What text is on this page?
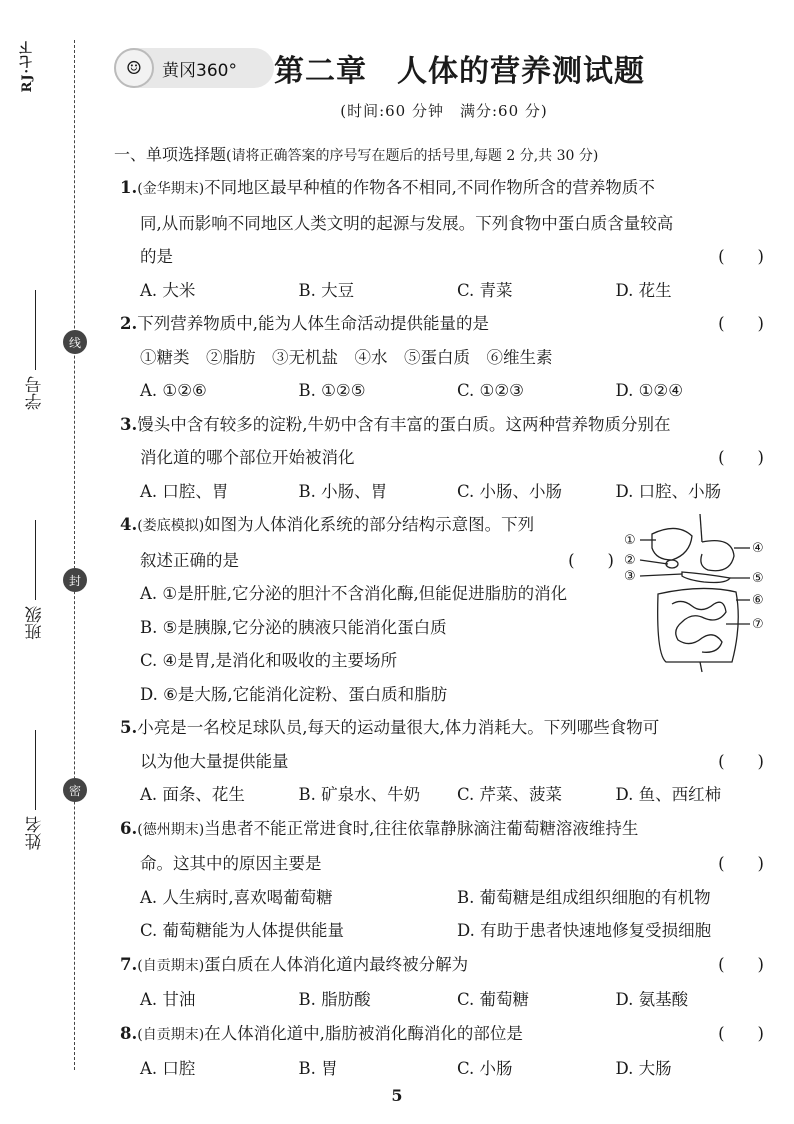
RJ·七下
学号
班级
姓名
线
封
密
☺	黄冈360° 第二章 人体的营养测试题
(时间:60 分钟　满分:60 分)
一、单项选择题(请将正确答案的序号写在题后的括号里,每题 2 分,共 30 分)
1.(金华期末)不同地区最早种植的作物各不相同,不同作物所含的营养物质不
同,从而影响不同地区人类文明的起源与发展。下列食物中蛋白质含量较高
的是	(　　)
A. 大米	B. 大豆	C. 青菜	D. 花生
2.下列营养物质中,能为人体生命活动提供能量的是	(　　)
①糖类　②脂肪　③无机盐　④水　⑤蛋白质　⑥维生素
A. ①②⑥	B. ①②⑤	C. ①②③	D. ①②④
3.馒头中含有较多的淀粉,牛奶中含有丰富的蛋白质。这两种营养物质分别在
消化道的哪个部位开始被消化	(　　)
A. 口腔、胃	B. 小肠、胃	C. 小肠、小肠	D. 口腔、小肠
4.(娄底模拟)如图为人体消化系统的部分结构示意图。下列
叙述正确的是	(　　)
A. ①是肝脏,它分泌的胆汁不含消化酶,但能促进脂肪的消化
B. ⑤是胰腺,它分泌的胰液只能消化蛋白质
C. ④是胃,是消化和吸收的主要场所
D. ⑥是大肠,它能消化淀粉、蛋白质和脂肪
①
②
③
④
⑤
⑥
⑦
5.小亮是一名校足球队员,每天的运动量很大,体力消耗大。下列哪些食物可
以为他大量提供能量	(　　)
A. 面条、花生	B. 矿泉水、牛奶	C. 芹菜、菠菜	D. 鱼、西红柿
6.(德州期末)当患者不能正常进食时,往往依靠静脉滴注葡萄糖溶液维持生
命。这其中的原因主要是	(　　)
A. 人生病时,喜欢喝葡萄糖	B. 葡萄糖是组成组织细胞的有机物
C. 葡萄糖能为人体提供能量	D. 有助于患者快速地修复受损细胞
7.(自贡期末)蛋白质在人体消化道内最终被分解为	(　　)
A. 甘油	B. 脂肪酸	C. 葡萄糖	D. 氨基酸
8.(自贡期末)在人体消化道中,脂肪被消化酶消化的部位是	(　　)
A. 口腔	B. 胃	C. 小肠	D. 大肠
5
